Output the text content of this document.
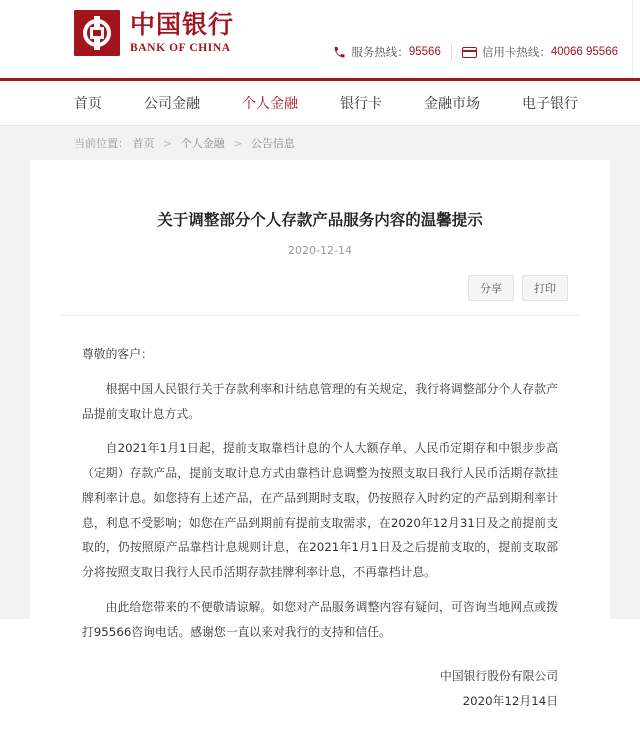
中国银行
BANK OF CHINA	服务热线： 95566	信用卡热线： 40066 95566
首页	公司金融	个人金融	银行卡	金融市场	电子银行
当前位置： 首页 > 个人金融 > 公告信息
关于调整部分个人存款产品服务内容的温馨提示
2020-12-14
分享	打印

尊敬的客户：

根据中国人民银行关于存款利率和计结息管理的有关规定，我行将调整部分个人存款产品提前支取计息方式。

自2021年1月1日起，提前支取靠档计息的个人大额存单、人民币定期存和中银步步高（定期）存款产品，提前支取计息方式由靠档计息调整为按照支取日我行人民币活期存款挂牌利率计息。如您持有上述产品，在产品到期时支取，仍按照存入时约定的产品到期利率计息，利息不受影响；如您在产品到期前有提前支取需求，在2020年12月31日及之前提前支取的，仍按照原产品靠档计息规则计息，在2021年1月1日及之后提前支取的，提前支取部分将按照支取日我行人民币活期存款挂牌利率计息，不再靠档计息。

由此给您带来的不便敬请谅解。如您对产品服务调整内容有疑问，可咨询当地网点或拨打95566咨询电话。感谢您一直以来对我行的支持和信任。

中国银行股份有限公司
2020年12月14日
